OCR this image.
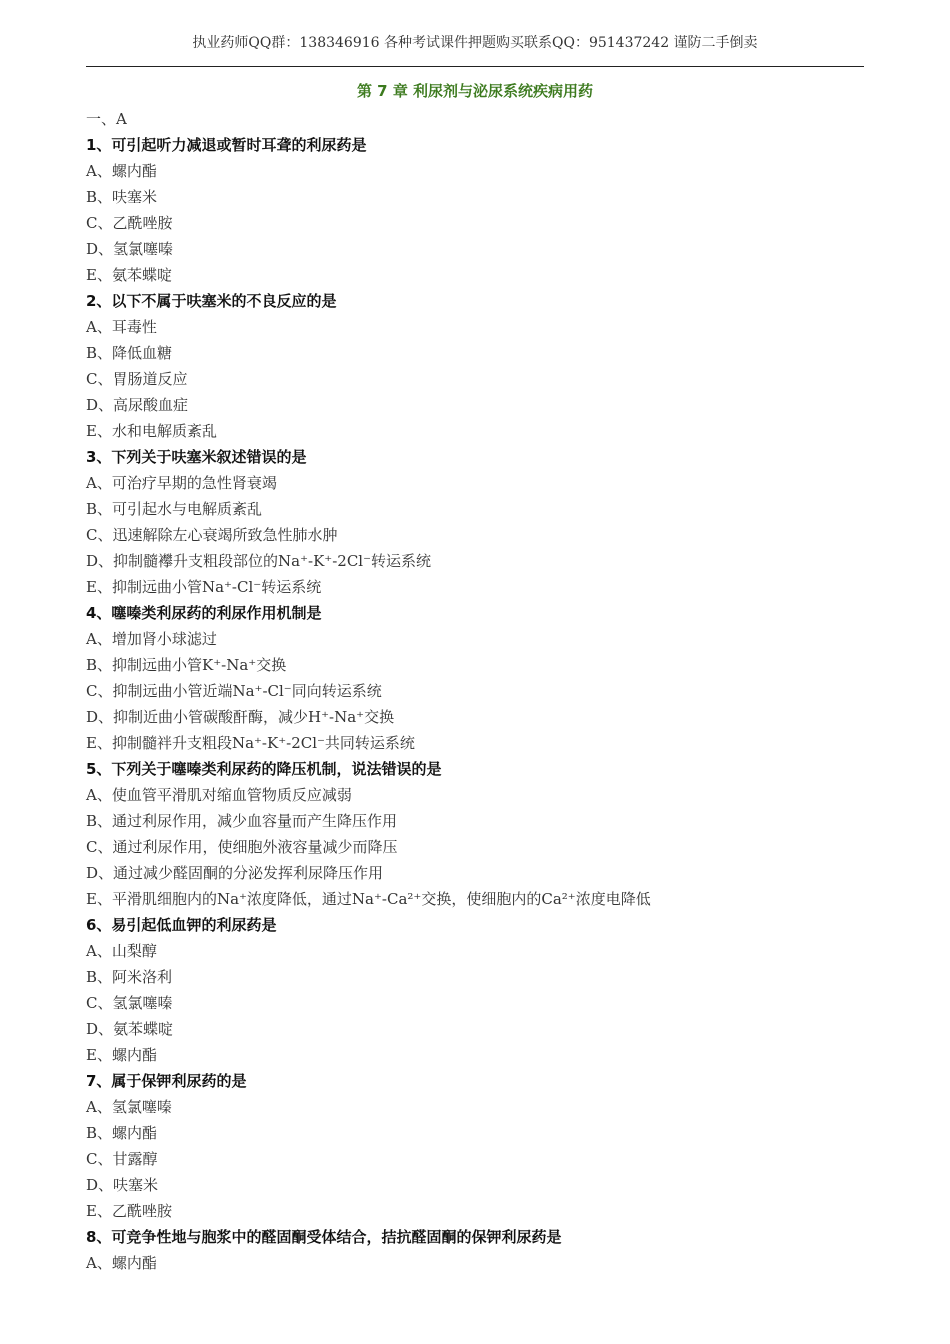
执业药师QQ群：138346916 各种考试课件押题购买联系QQ：951437242 谨防二手倒卖
第 7 章 利尿剂与泌尿系统疾病用药
一、A
1、可引起听力减退或暂时耳聋的利尿药是
A、螺内酯
B、呋塞米
C、乙酰唑胺
D、氢氯噻嗪
E、氨苯蝶啶
2、以下不属于呋塞米的不良反应的是
A、耳毒性
B、降低血糖
C、胃肠道反应
D、高尿酸血症
E、水和电解质紊乱
3、下列关于呋塞米叙述错误的是
A、可治疗早期的急性肾衰竭
B、可引起水与电解质紊乱
C、迅速解除左心衰竭所致急性肺水肿
D、抑制髓襻升支粗段部位的Na⁺-K⁺-2Cl⁻转运系统
E、抑制远曲小管Na⁺-Cl⁻转运系统
4、噻嗪类利尿药的利尿作用机制是
A、增加肾小球滤过
B、抑制远曲小管K⁺-Na⁺交换
C、抑制远曲小管近端Na⁺-Cl⁻同向转运系统
D、抑制近曲小管碳酸酐酶，减少H⁺-Na⁺交换
E、抑制髓袢升支粗段Na⁺-K⁺-2Cl⁻共同转运系统
5、下列关于噻嗪类利尿药的降压机制，说法错误的是
A、使血管平滑肌对缩血管物质反应减弱
B、通过利尿作用，减少血容量而产生降压作用
C、通过利尿作用，使细胞外液容量减少而降压
D、通过减少醛固酮的分泌发挥利尿降压作用
E、平滑肌细胞内的Na⁺浓度降低，通过Na⁺-Ca²⁺交换，使细胞内的Ca²⁺浓度电降低
6、易引起低血钾的利尿药是
A、山梨醇
B、阿米洛利
C、氢氯噻嗪
D、氨苯蝶啶
E、螺内酯
7、属于保钾利尿药的是
A、氢氯噻嗪
B、螺内酯
C、甘露醇
D、呋塞米
E、乙酰唑胺
8、可竞争性地与胞浆中的醛固酮受体结合，拮抗醛固酮的保钾利尿药是
A、螺内酯
